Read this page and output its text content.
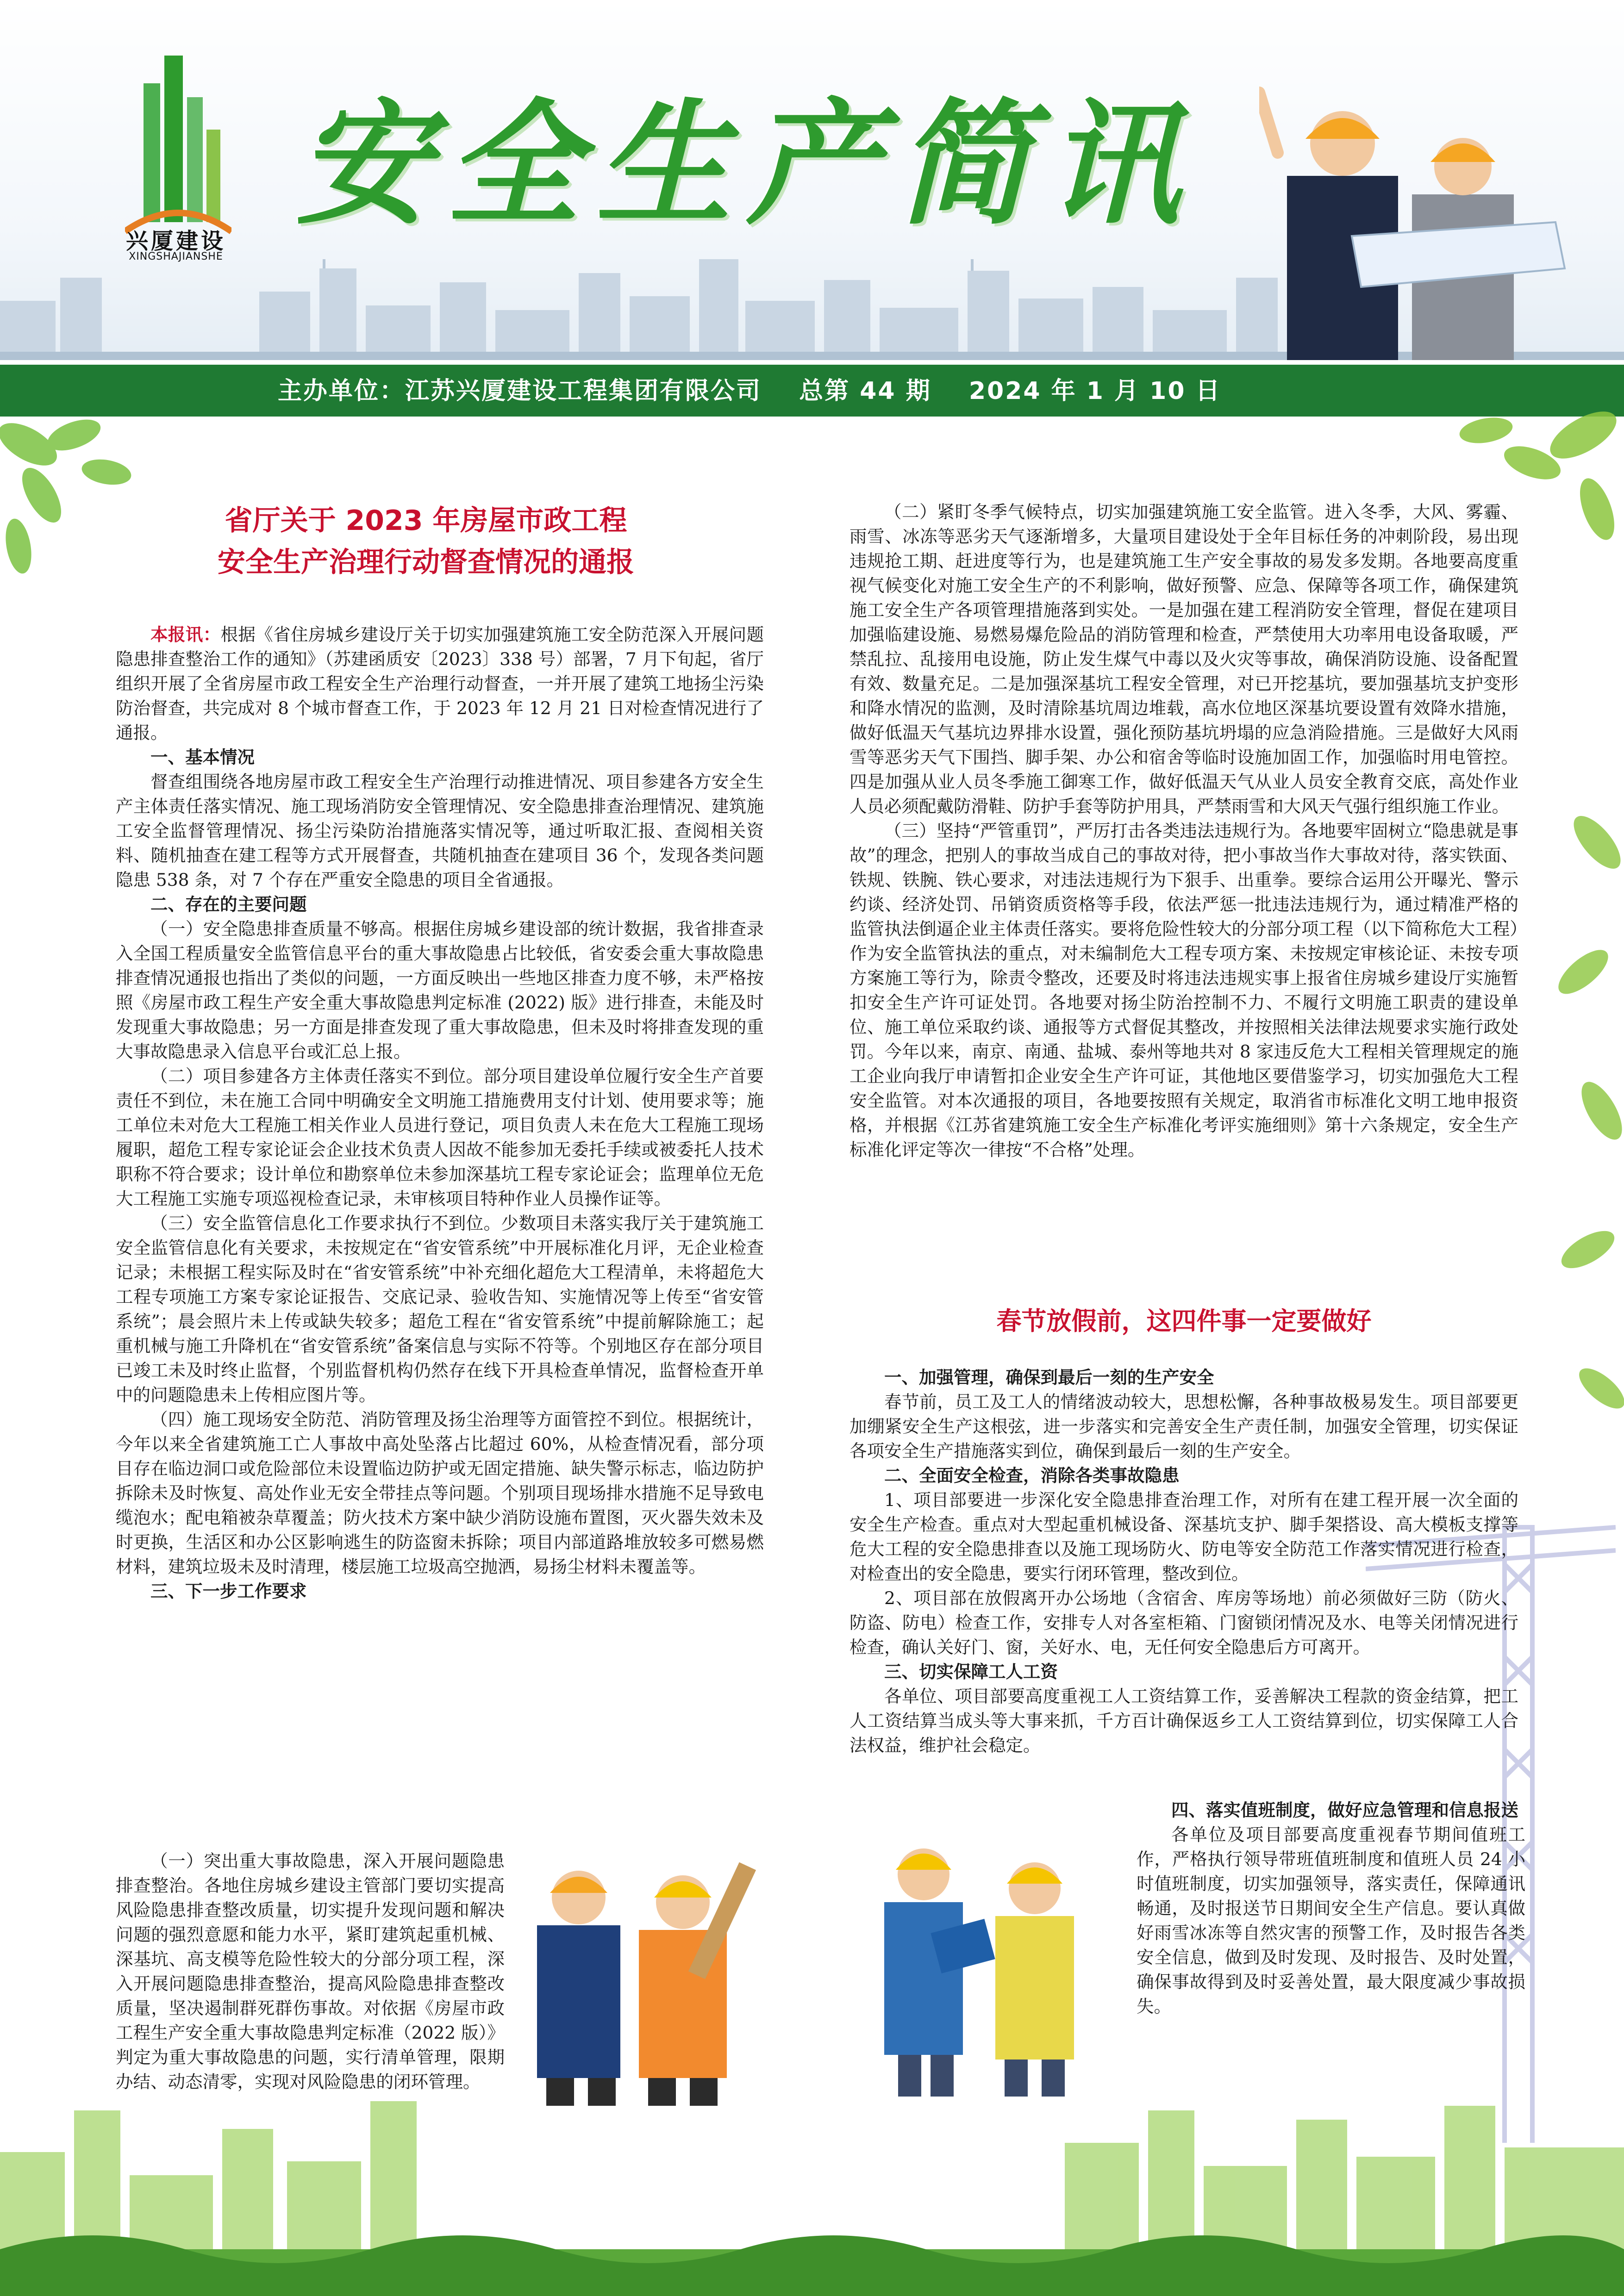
兴厦建设
XINGSHAJIANSHE
安全生产简讯
主办单位：江苏兴厦建设工程集团有限公司 总第 44 期 2024 年 1 月 10 日
省厅关于 2023 年房屋市政工程
安全生产治理行动督查情况的通报

本报讯：根据《省住房城乡建设厅关于切实加强建筑施工安全防范深入开展问题隐患排查整治工作的通知》（苏建函质安〔2023〕338 号）部署，7 月下旬起，省厅组织开展了全省房屋市政工程安全生产治理行动督查，一并开展了建筑工地扬尘污染防治督查，共完成对 8 个城市督查工作，于 2023 年 12 月 21 日对检查情况进行了通报。

一、基本情况

督查组围绕各地房屋市政工程安全生产治理行动推进情况、项目参建各方安全生产主体责任落实情况、施工现场消防安全管理情况、安全隐患排查治理情况、建筑施工安全监督管理情况、扬尘污染防治措施落实情况等，通过听取汇报、查阅相关资料、随机抽查在建工程等方式开展督查，共随机抽查在建项目 36 个，发现各类问题隐患 538 条，对 7 个存在严重安全隐患的项目全省通报。

二、存在的主要问题

（一）安全隐患排查质量不够高。根据住房城乡建设部的统计数据，我省排查录入全国工程质量安全监管信息平台的重大事故隐患占比较低，省安委会重大事故隐患排查情况通报也指出了类似的问题，一方面反映出一些地区排查力度不够，未严格按照《房屋市政工程生产安全重大事故隐患判定标准 (2022) 版》进行排查，未能及时发现重大事故隐患；另一方面是排查发现了重大事故隐患，但未及时将排查发现的重大事故隐患录入信息平台或汇总上报。

（二）项目参建各方主体责任落实不到位。部分项目建设单位履行安全生产首要责任不到位，未在施工合同中明确安全文明施工措施费用支付计划、使用要求等；施工单位未对危大工程施工相关作业人员进行登记，项目负责人未在危大工程施工现场履职，超危工程专家论证会企业技术负责人因故不能参加无委托手续或被委托人技术职称不符合要求；设计单位和勘察单位未参加深基坑工程专家论证会；监理单位无危大工程施工实施专项巡视检查记录，未审核项目特种作业人员操作证等。

（三）安全监管信息化工作要求执行不到位。少数项目未落实我厅关于建筑施工安全监管信息化有关要求，未按规定在“省安管系统”中开展标准化月评，无企业检查记录；未根据工程实际及时在“省安管系统”中补充细化超危大工程清单，未将超危大工程专项施工方案专家论证报告、交底记录、验收告知、实施情况等上传至“省安管系统”；晨会照片未上传或缺失较多；超危工程在“省安管系统”中提前解除施工；起重机械与施工升降机在“省安管系统”备案信息与实际不符等。个别地区存在部分项目已竣工未及时终止监督，个别监督机构仍然存在线下开具检查单情况，监督检查开单中的问题隐患未上传相应图片等。

（四）施工现场安全防范、消防管理及扬尘治理等方面管控不到位。根据统计，今年以来全省建筑施工亡人事故中高处坠落占比超过 60%，从检查情况看，部分项目存在临边洞口或危险部位未设置临边防护或无固定措施、缺失警示标志，临边防护拆除未及时恢复、高处作业无安全带挂点等问题。个别项目现场排水措施不足导致电缆泡水；配电箱被杂草覆盖；防火技术方案中缺少消防设施布置图，灭火器失效未及时更换，生活区和办公区影响逃生的防盗窗未拆除；项目内部道路堆放较多可燃易燃材料，建筑垃圾未及时清理，楼层施工垃圾高空抛洒，易扬尘材料未覆盖等。

三、下一步工作要求

（一）突出重大事故隐患，深入开展问题隐患排查整治。各地住房城乡建设主管部门要切实提高风险隐患排查整改质量，切实提升发现问题和解决问题的强烈意愿和能力水平，紧盯建筑起重机械、深基坑、高支模等危险性较大的分部分项工程，深入开展问题隐患排查整治，提高风险隐患排查整改质量，坚决遏制群死群伤事故。对依据《房屋市政工程生产安全重大事故隐患判定标准（2022 版）》判定为重大事故隐患的问题，实行清单管理，限期办结、动态清零，实现对风险隐患的闭环管理。

（二）紧盯冬季气候特点，切实加强建筑施工安全监管。进入冬季，大风、雾霾、雨雪、冰冻等恶劣天气逐渐增多，大量项目建设处于全年目标任务的冲刺阶段，易出现违规抢工期、赶进度等行为，也是建筑施工生产安全事故的易发多发期。各地要高度重视气候变化对施工安全生产的不利影响，做好预警、应急、保障等各项工作，确保建筑施工安全生产各项管理措施落到实处。一是加强在建工程消防安全管理，督促在建项目加强临建设施、易燃易爆危险品的消防管理和检查，严禁使用大功率用电设备取暖，严禁乱拉、乱接用电设施，防止发生煤气中毒以及火灾等事故，确保消防设施、设备配置有效、数量充足。二是加强深基坑工程安全管理，对已开挖基坑，要加强基坑支护变形和降水情况的监测，及时清除基坑周边堆载，高水位地区深基坑要设置有效降水措施，做好低温天气基坑边界排水设置，强化预防基坑坍塌的应急消险措施。三是做好大风雨雪等恶劣天气下围挡、脚手架、办公和宿舍等临时设施加固工作，加强临时用电管控。四是加强从业人员冬季施工御寒工作，做好低温天气从业人员安全教育交底，高处作业人员必须配戴防滑鞋、防护手套等防护用具，严禁雨雪和大风天气强行组织施工作业。

（三）坚持“严管重罚”，严厉打击各类违法违规行为。各地要牢固树立“隐患就是事故”的理念，把别人的事故当成自己的事故对待，把小事故当作大事故对待，落实铁面、铁规、铁腕、铁心要求，对违法违规行为下狠手、出重拳。要综合运用公开曝光、警示约谈、经济处罚、吊销资质资格等手段，依法严惩一批违法违规行为，通过精准严格的监管执法倒逼企业主体责任落实。要将危险性较大的分部分项工程（以下简称危大工程）作为安全监管执法的重点，对未编制危大工程专项方案、未按规定审核论证、未按专项方案施工等行为，除责令整改，还要及时将违法违规实事上报省住房城乡建设厅实施暂扣安全生产许可证处罚。各地要对扬尘防治控制不力、不履行文明施工职责的建设单位、施工单位采取约谈、通报等方式督促其整改，并按照相关法律法规要求实施行政处罚。今年以来，南京、南通、盐城、泰州等地共对 8 家违反危大工程相关管理规定的施工企业向我厅申请暂扣企业安全生产许可证，其他地区要借鉴学习，切实加强危大工程安全监管。对本次通报的项目，各地要按照有关规定，取消省市标准化文明工地申报资格，并根据《江苏省建筑施工安全生产标准化考评实施细则》第十六条规定，安全生产标准化评定等次一律按“不合格”处理。

春节放假前，这四件事一定要做好
一、加强管理，确保到最后一刻的生产安全

春节前，员工及工人的情绪波动较大，思想松懈，各种事故极易发生。项目部要更加绷紧安全生产这根弦，进一步落实和完善安全生产责任制，加强安全管理，切实保证各项安全生产措施落实到位，确保到最后一刻的生产安全。

二、全面安全检查，消除各类事故隐患

1、项目部要进一步深化安全隐患排查治理工作，对所有在建工程开展一次全面的安全生产检查。重点对大型起重机械设备、深基坑支护、脚手架搭设、高大模板支撑等危大工程的安全隐患排查以及施工现场防火、防电等安全防范工作落实情况进行检查，对检查出的安全隐患，要实行闭环管理，整改到位。

2、项目部在放假离开办公场地（含宿舍、库房等场地）前必须做好三防（防火、防盗、防电）检查工作，安排专人对各室柜箱、门窗锁闭情况及水、电等关闭情况进行检查，确认关好门、窗，关好水、电，无任何安全隐患后方可离开。

三、切实保障工人工资

各单位、项目部要高度重视工人工资结算工作，妥善解决工程款的资金结算，把工人工资结算当成头等大事来抓，千方百计确保返乡工人工资结算到位，切实保障工人合法权益，维护社会稳定。

四、落实值班制度，做好应急管理和信息报送

各单位及项目部要高度重视春节期间值班工作，严格执行领导带班值班制度和值班人员 24 小时值班制度，切实加强领导，落实责任，保障通讯畅通，及时报送节日期间安全生产信息。要认真做好雨雪冰冻等自然灾害的预警工作，及时报告各类安全信息，做到及时发现、及时报告、及时处置，确保事故得到及时妥善处置，最大限度减少事故损失。
